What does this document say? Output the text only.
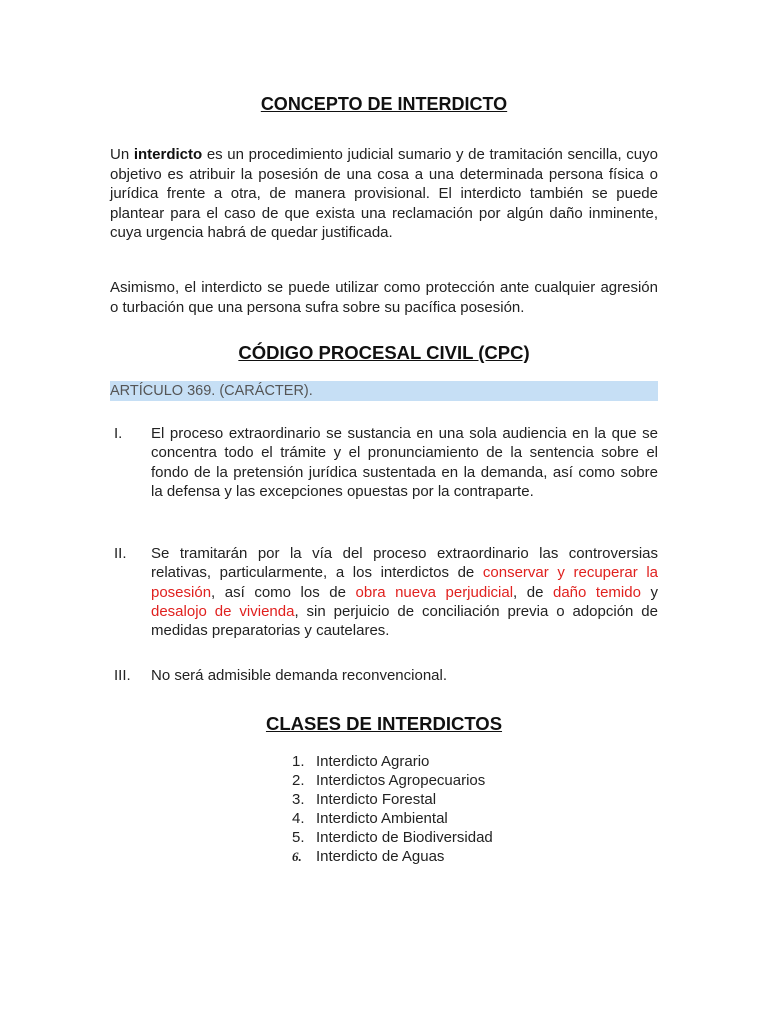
CONCEPTO DE INTERDICTO

Un interdicto es un procedimiento judicial sumario y de tramitación sencilla, cuyo objetivo es atribuir la posesión de una cosa a una determinada persona física o jurídica frente a otra, de manera provisional. El interdicto también se puede plantear para el caso de que exista una reclamación por algún daño inminente, cuya urgencia habrá de quedar justificada.

Asimismo, el interdicto se puede utilizar como protección ante cualquier agresión o turbación que una persona sufra sobre su pacífica posesión.

CÓDIGO PROCESAL CIVIL (CPC)
ARTÍCULO 369. (CARÁCTER).
I.	El proceso extraordinario se sustancia en una sola audiencia en la que se concentra todo el trámite y el pronunciamiento de la sentencia sobre el fondo de la pretensión jurídica sustentada en la demanda, así como sobre la defensa y las excepciones opuestas por la contraparte.
II.	Se tramitarán por la vía del proceso extraordinario las controversias relativas, particularmente, a los interdictos de conservar y recuperar la posesión, así como los de obra nueva perjudicial, de daño temido y desalojo de vivienda, sin perjuicio de conciliación previa o adopción de medidas preparatorias y cautelares.
III.	No será admisible demanda reconvencional.
CLASES DE INTERDICTOS
1. Interdicto Agrario
2. Interdictos Agropecuarios
3. Interdicto Forestal
4. Interdicto Ambiental
5. Interdicto de Biodiversidad
6. Interdicto de Aguas
